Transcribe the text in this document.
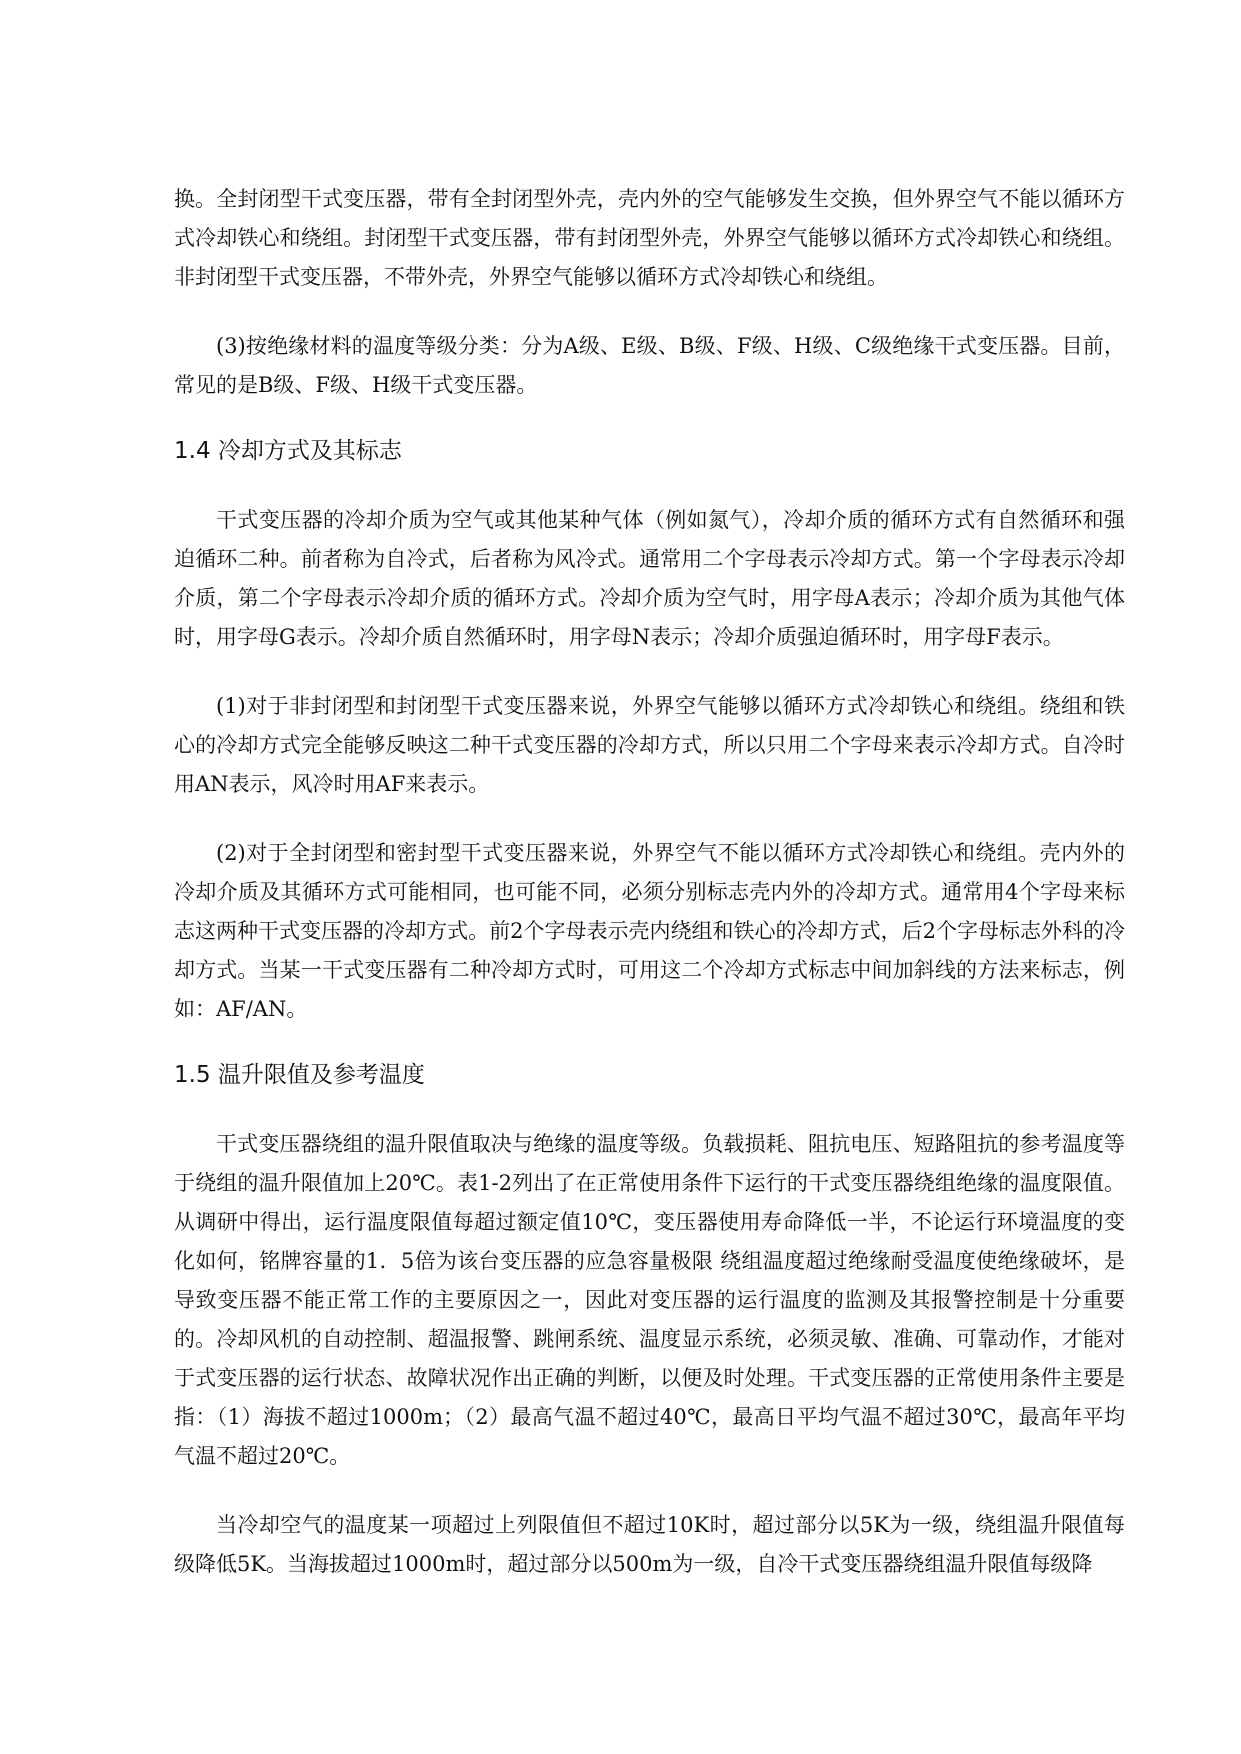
换。全封闭型干式变压器，带有全封闭型外壳，壳内外的空气能够发生交换，但外界空气不能以循环方式冷却铁心和绕组。封闭型干式变压器，带有封闭型外壳，外界空气能够以循环方式冷却铁心和绕组。非封闭型干式变压器，不带外壳，外界空气能够以循环方式冷却铁心和绕组。

(3)按绝缘材料的温度等级分类：分为A级、E级、B级、F级、H级、C级绝缘干式变压器。目前，常见的是B级、F级、H级干式变压器。

1.4 冷却方式及其标志

干式变压器的冷却介质为空气或其他某种气体（例如氮气），冷却介质的循环方式有自然循环和强迫循环二种。前者称为自冷式，后者称为风冷式。通常用二个字母表示冷却方式。第一个字母表示冷却介质，第二个字母表示冷却介质的循环方式。冷却介质为空气时，用字母A表示；冷却介质为其他气体时，用字母G表示。冷却介质自然循环时，用字母N表示；冷却介质强迫循环时，用字母F表示。

(1)对于非封闭型和封闭型干式变压器来说，外界空气能够以循环方式冷却铁心和绕组。绕组和铁心的冷却方式完全能够反映这二种干式变压器的冷却方式，所以只用二个字母来表示冷却方式。自冷时用AN表示，风冷时用AF来表示。

(2)对于全封闭型和密封型干式变压器来说，外界空气不能以循环方式冷却铁心和绕组。壳内外的冷却介质及其循环方式可能相同，也可能不同，必须分别标志壳内外的冷却方式。通常用4个字母来标志这两种干式变压器的冷却方式。前2个字母表示壳内绕组和铁心的冷却方式，后2个字母标志外科的冷却方式。当某一干式变压器有二种冷却方式时，可用这二个冷却方式标志中间加斜线的方法来标志，例如：AF/AN。

1.5 温升限值及参考温度

干式变压器绕组的温升限值取决与绝缘的温度等级。负载损耗、阻抗电压、短路阻抗的参考温度等于绕组的温升限值加上20℃。表1-2列出了在正常使用条件下运行的干式变压器绕组绝缘的温度限值。从调研中得出，运行温度限值每超过额定值10℃，变压器使用寿命降低一半，不论运行环境温度的变化如何，铭牌容量的1．5倍为该台变压器的应急容量极限 绕组温度超过绝缘耐受温度使绝缘破坏，是导致变压器不能正常工作的主要原因之一，因此对变压器的运行温度的监测及其报警控制是十分重要的。冷却风机的自动控制、超温报警、跳闸系统、温度显示系统，必须灵敏、准确、可靠动作，才能对于式变压器的运行状态、故障状况作出正确的判断，以便及时处理。干式变压器的正常使用条件主要是指：（1）海拔不超过1000m；（2）最高气温不超过40℃，最高日平均气温不超过30℃，最高年平均气温不超过20℃。

当冷却空气的温度某一项超过上列限值但不超过10K时，超过部分以5K为一级，绕组温升限值每级降低5K。当海拔超过1000m时，超过部分以500m为一级，自冷干式变压器绕组温升限值每级降
